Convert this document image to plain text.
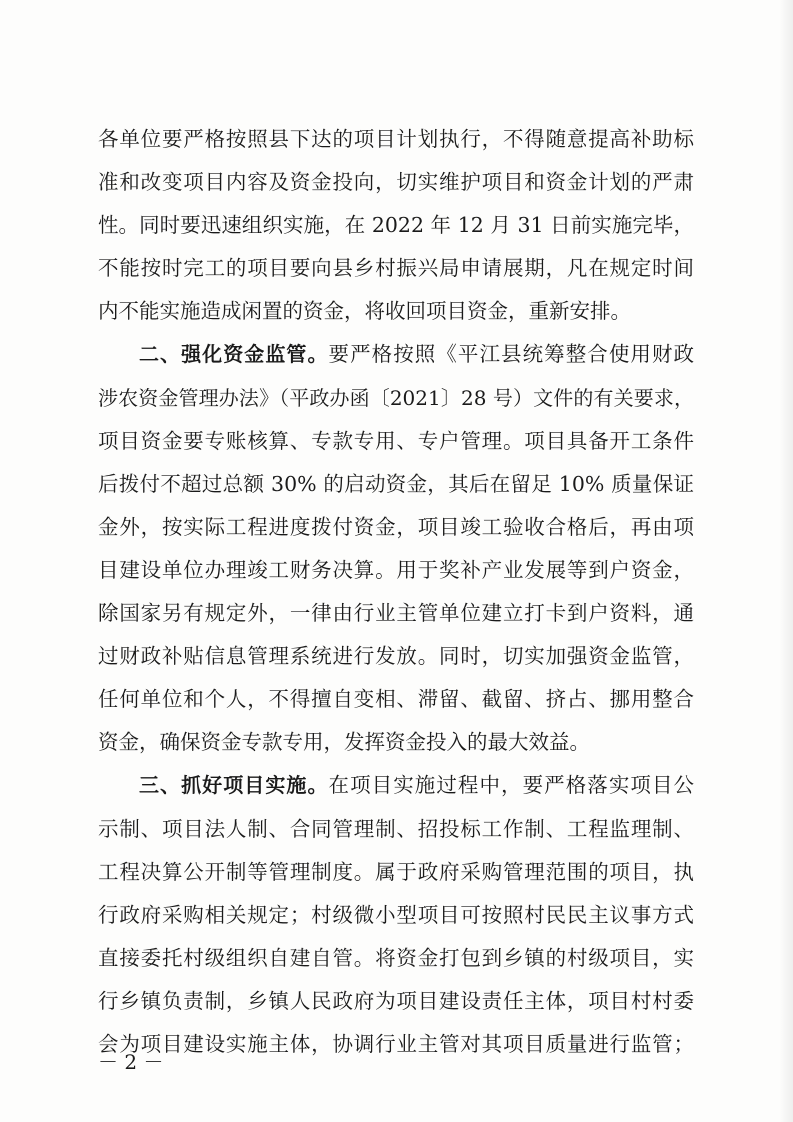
各单位要严格按照县下达的项目计划执行，不得随意提高补助标
准和改变项目内容及资金投向，切实维护项目和资金计划的严肃
性。同时要迅速组织实施，在 2022 年 12 月 31 日前实施完毕，
不能按时完工的项目要向县乡村振兴局申请展期，凡在规定时间
内不能实施造成闲置的资金，将收回项目资金，重新安排。
二、强化资金监管。要严格按照《平江县统筹整合使用财政
涉农资金管理办法》（平政办函〔2021〕28 号）文件的有关要求，
项目资金要专账核算、专款专用、专户管理。项目具备开工条件
后拨付不超过总额 30% 的启动资金，其后在留足 10% 质量保证
金外，按实际工程进度拨付资金，项目竣工验收合格后，再由项
目建设单位办理竣工财务决算。用于奖补产业发展等到户资金，
除国家另有规定外，一律由行业主管单位建立打卡到户资料，通
过财政补贴信息管理系统进行发放。同时，切实加强资金监管，
任何单位和个人，不得擅自变相、滞留、截留、挤占、挪用整合
资金，确保资金专款专用，发挥资金投入的最大效益。
三、抓好项目实施。在项目实施过程中，要严格落实项目公
示制、项目法人制、合同管理制、招投标工作制、工程监理制、
工程决算公开制等管理制度。属于政府采购管理范围的项目，执
行政府采购相关规定；村级微小型项目可按照村民民主议事方式
直接委托村级组织自建自管。将资金打包到乡镇的村级项目，实
行乡镇负责制，乡镇人民政府为项目建设责任主体，项目村村委
会为项目建设实施主体，协调行业主管对其项目质量进行监管；
－ 2 －
